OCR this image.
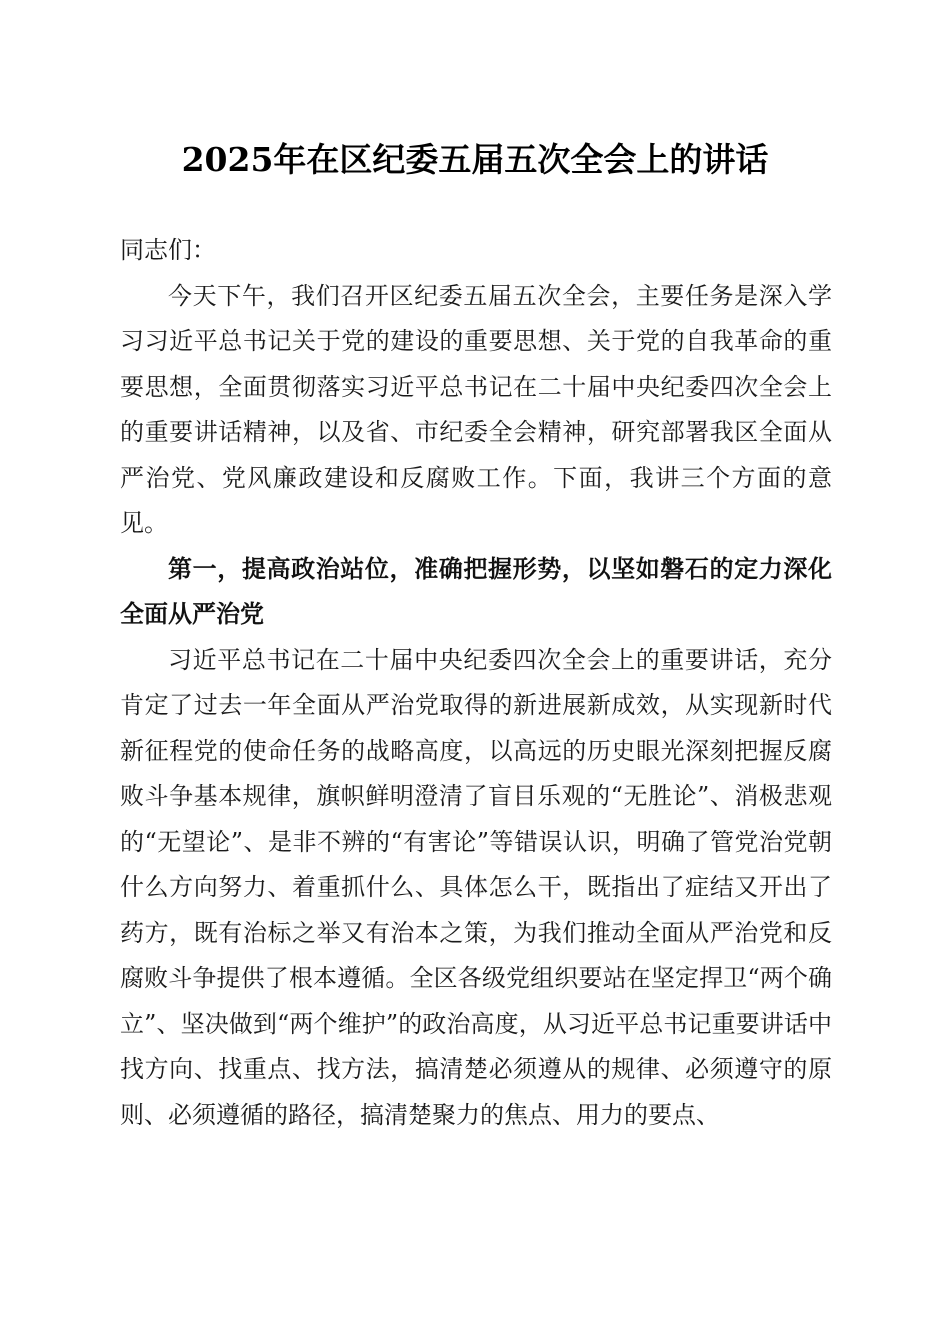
2025年在区纪委五届五次全会上的讲话

同志们：

今天下午，我们召开区纪委五届五次全会，主要任务是深入学习习近平总书记关于党的建设的重要思想、关于党的自我革命的重要思想，全面贯彻落实习近平总书记在二十届中央纪委四次全会上的重要讲话精神，以及省、市纪委全会精神，研究部署我区全面从严治党、党风廉政建设和反腐败工作。下面，我讲三个方面的意见。

第一，提高政治站位，准确把握形势，以坚如磐石的定力深化全面从严治党

习近平总书记在二十届中央纪委四次全会上的重要讲话，充分肯定了过去一年全面从严治党取得的新进展新成效，从实现新时代新征程党的使命任务的战略高度，以高远的历史眼光深刻把握反腐败斗争基本规律，旗帜鲜明澄清了盲目乐观的“无胜论”、消极悲观的“无望论”、是非不辨的“有害论”等错误认识，明确了管党治党朝什么方向努力、着重抓什么、具体怎么干，既指出了症结又开出了药方，既有治标之举又有治本之策，为我们推动全面从严治党和反腐败斗争提供了根本遵循。全区各级党组织要站在坚定捍卫“两个确立”、坚决做到“两个维护”的政治高度，从习近平总书记重要讲话中找方向、找重点、找方法，搞清楚必须遵从的规律、必须遵守的原则、必须遵循的路径，搞清楚聚力的焦点、用力的要点、
